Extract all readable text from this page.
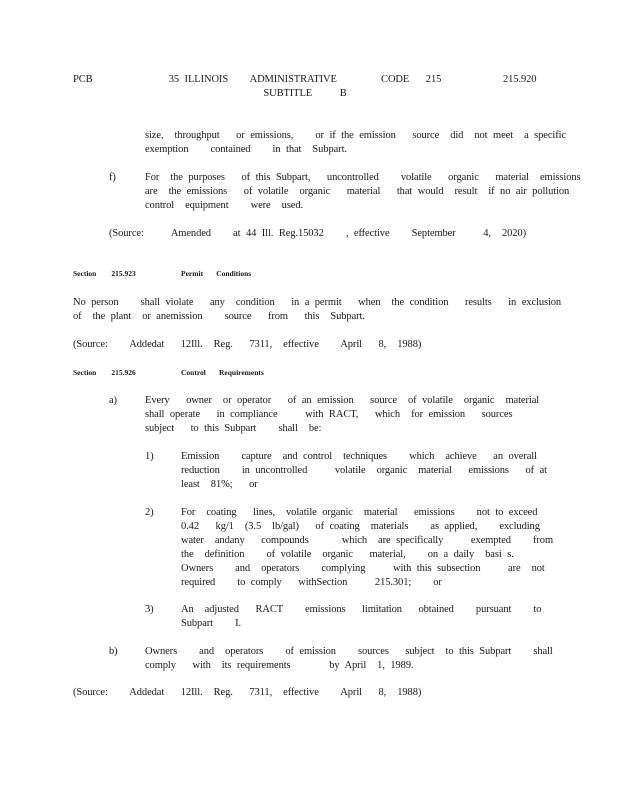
PCB	35 ILLINOIS    ADMINISTRATIVE        CODE   215
SUBTITLE     B
215.920
size,  throughput   or emissions,    or if the emission   source  did  not meet  a specific
exemption    contained    in that  Subpart.
f)	For  the purposes   of this Subpart,   uncontrolled    volatile   organic   material  emissions
are  the emissions   of volatile  organic   material   that would  result  if no air pollution
control  equipment    were  used.
(Source:     Amended    at 44 Ill. Reg.15032    , effective    September     4,  2020)
Section        215.923	Permit       Conditions
No person    shall violate   any  condition   in a permit   when  the condition   results   in exclusion
of  the plant  or anemission    source   from   this  Subpart.
(Source:    Addedat   12Ill.  Reg.   7311,  effective    April   8,  1988)
Section        215.926	Control       Requirements
a)	Every   owner  or operator   of an emission   source  of volatile  organic  material
shall operate   in compliance     with RACT,   which  for emission   sources
subject   to this Subpart    shall  be:
1)	Emission    capture  and control  techniques    which  achieve   an overall
reduction    in uncontrolled     volatile  organic  material   emissions   of at
least  81%;   or
2)	For  coating   lines,  volatile organic  material   emissions    not to exceed
0.42   kg/1  (3.5  lb/gal)   of coating  materials    as applied,    excluding
water  andany   compounds      which  are specifically     exempted    from
the  definition    of volatile  organic   material,    on a daily  basi s.
Owners    and  operators    complying     with this subsection     are  not
required    to comply   withSection     215.301;    or
3)	An  adjusted   RACT    emissions   limitation   obtained    pursuant    to
Subpart    I.
b)	Owners    and  operators    of emission    sources   subject  to this Subpart    shall
comply   with  its requirements       by April  1, 1989.
(Source:    Addedat   12Ill.  Reg.   7311,  effective    April   8,  1988)
